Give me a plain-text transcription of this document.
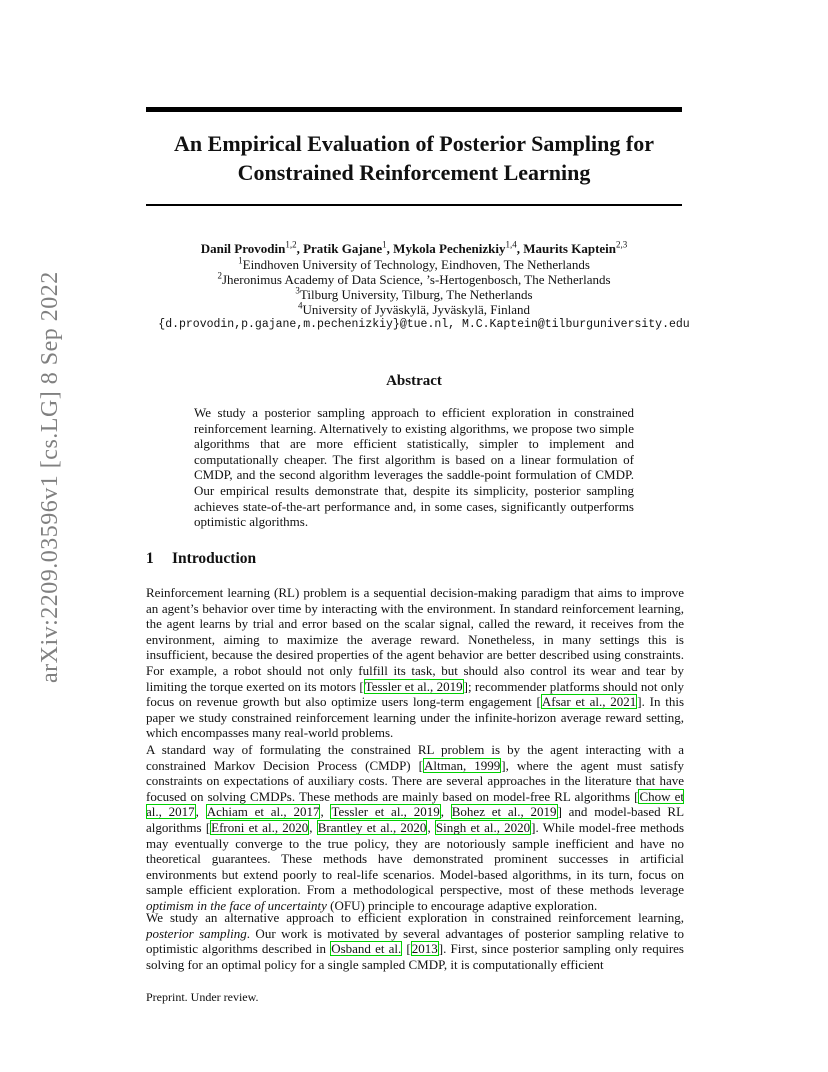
arXiv:2209.03596v1 [cs.LG] 8 Sep 2022
An Empirical Evaluation of Posterior Sampling for
Constrained Reinforcement Learning
Danil Provodin$^{1,2}$, Pratik Gajane$^1$, Mykola Pechenizkiy$^{1,4}$, Maurits Kaptein$^{2,3}$
$^1$Eindhoven University of Technology, Eindhoven, The Netherlands
$^2$Jheronimus Academy of Data Science, ’s-Hertogenbosch, The Netherlands
$^3$Tilburg University, Tilburg, The Netherlands
$^4$University of Jyväskylä, Jyväskylä, Finland
{d.provodin,p.gajane,m.pechenizkiy}@tue.nl, M.C.Kaptein@tilburguniversity.edu
Abstract
We study a posterior sampling approach to efficient exploration in constrained reinforcement learning. Alternatively to existing algorithms, we propose two simple algorithms that are more efficient statistically, simpler to implement and computationally cheaper. The first algorithm is based on a linear formulation of CMDP, and the second algorithm leverages the saddle-point formulation of CMDP. Our empirical results demonstrate that, despite its simplicity, posterior sampling achieves state-of-the-art performance and, in some cases, significantly outperforms optimistic algorithms.
1 Introduction
Reinforcement learning (RL) problem is a sequential decision-making paradigm that aims to improve an agent’s behavior over time by interacting with the environment. In standard reinforcement learning, the agent learns by trial and error based on the scalar signal, called the reward, it receives from the environment, aiming to maximize the average reward. Nonetheless, in many settings this is insufficient, because the desired properties of the agent behavior are better described using constraints. For example, a robot should not only fulfill its task, but should also control its wear and tear by limiting the torque exerted on its motors [Tessler et al., 2019]; recommender platforms should not only focus on revenue growth but also optimize users long-term engagement [Afsar et al., 2021]. In this paper we study constrained reinforcement learning under the infinite-horizon average reward setting, which encompasses many real-world problems.
A standard way of formulating the constrained RL problem is by the agent interacting with a constrained Markov Decision Process (CMDP) [Altman, 1999], where the agent must satisfy constraints on expectations of auxiliary costs. There are several approaches in the literature that have focused on solving CMDPs. These methods are mainly based on model-free RL algorithms [Chow et al., 2017, Achiam et al., 2017, Tessler et al., 2019, Bohez et al., 2019] and model-based RL algorithms [Efroni et al., 2020, Brantley et al., 2020, Singh et al., 2020]. While model-free methods may eventually converge to the true policy, they are notoriously sample inefficient and have no theoretical guarantees. These methods have demonstrated prominent successes in artificial environments but extend poorly to real-life scenarios. Model-based algorithms, in its turn, focus on sample efficient exploration. From a methodological perspective, most of these methods leverage optimism in the face of uncertainty (OFU) principle to encourage adaptive exploration.
We study an alternative approach to efficient exploration in constrained reinforcement learning, posterior sampling. Our work is motivated by several advantages of posterior sampling relative to optimistic algorithms described in Osband et al. [2013]. First, since posterior sampling only requires solving for an optimal policy for a single sampled CMDP, it is computationally efficient
Preprint. Under review.
